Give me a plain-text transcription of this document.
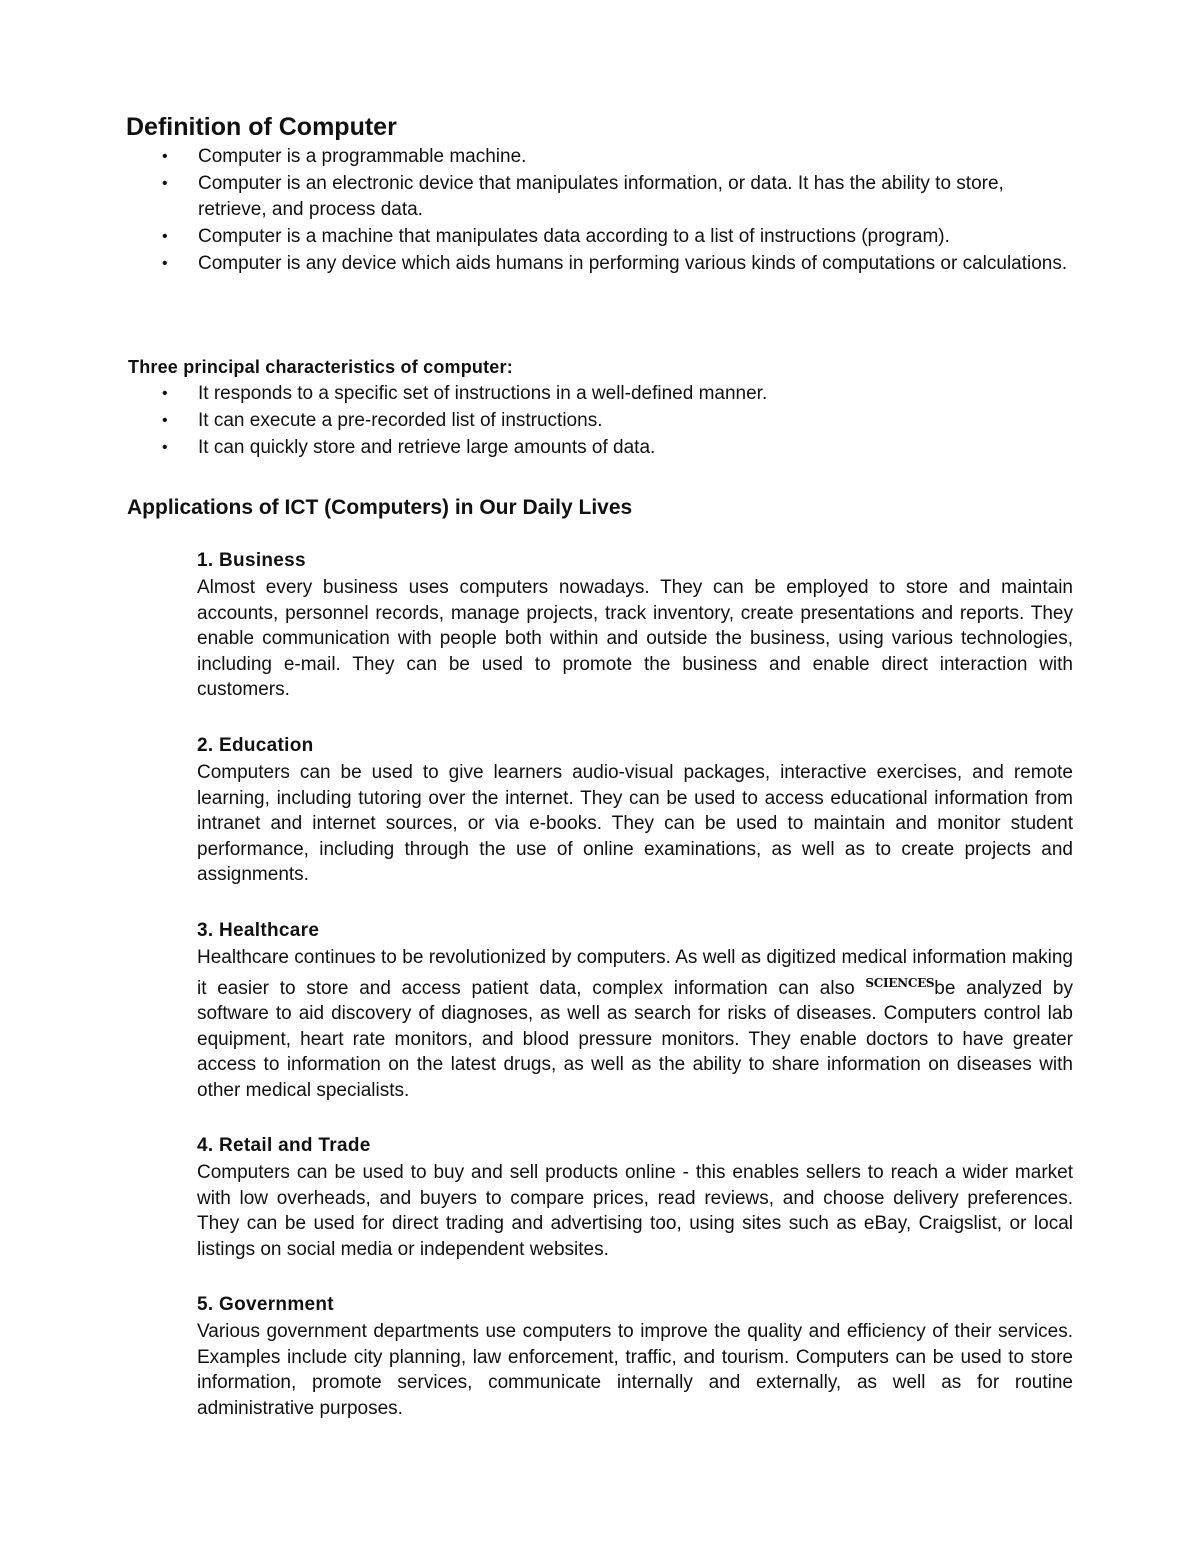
Definition of Computer
• Computer is a programmable machine.
• Computer is an electronic device that manipulates information, or data. It has the ability to store, retrieve, and process data.
• Computer is a machine that manipulates data according to a list of instructions (program).
• Computer is any device which aids humans in performing various kinds of computations or calculations.
Three principal characteristics of computer:
• It responds to a specific set of instructions in a well-defined manner.
• It can execute a pre-recorded list of instructions.
• It can quickly store and retrieve large amounts of data.
Applications of ICT (Computers) in Our Daily Lives
1. Business

Almost every business uses computers nowadays. They can be employed to store and maintain accounts, personnel records, manage projects, track inventory, create presentations and reports. They enable communication with people both within and outside the business, using various technologies, including e-mail. They can be used to promote the business and enable direct interaction with customers.

2. Education

Computers can be used to give learners audio-visual packages, interactive exercises, and remote learning, including tutoring over the internet. They can be used to access educational information from intranet and internet sources, or via e-books. They can be used to maintain and monitor student performance, including through the use of online examinations, as well as to create projects and assignments.

3. Healthcare

Healthcare continues to be revolutionized by computers. As well as digitized medical information making it easier to store and access patient data, complex information can also $^{SCIENCES}$be analyzed by software to aid discovery of diagnoses, as well as search for risks of diseases. Computers control lab equipment, heart rate monitors, and blood pressure monitors. They enable doctors to have greater access to information on the latest drugs, as well as the ability to share information on diseases with other medical specialists.

4. Retail and Trade

Computers can be used to buy and sell products online - this enables sellers to reach a wider market with low overheads, and buyers to compare prices, read reviews, and choose delivery preferences. They can be used for direct trading and advertising too, using sites such as eBay, Craigslist, or local listings on social media or independent websites.

5. Government

Various government departments use computers to improve the quality and efficiency of their services. Examples include city planning, law enforcement, traffic, and tourism. Computers can be used to store information, promote services, communicate internally and externally, as well as for routine administrative purposes.
